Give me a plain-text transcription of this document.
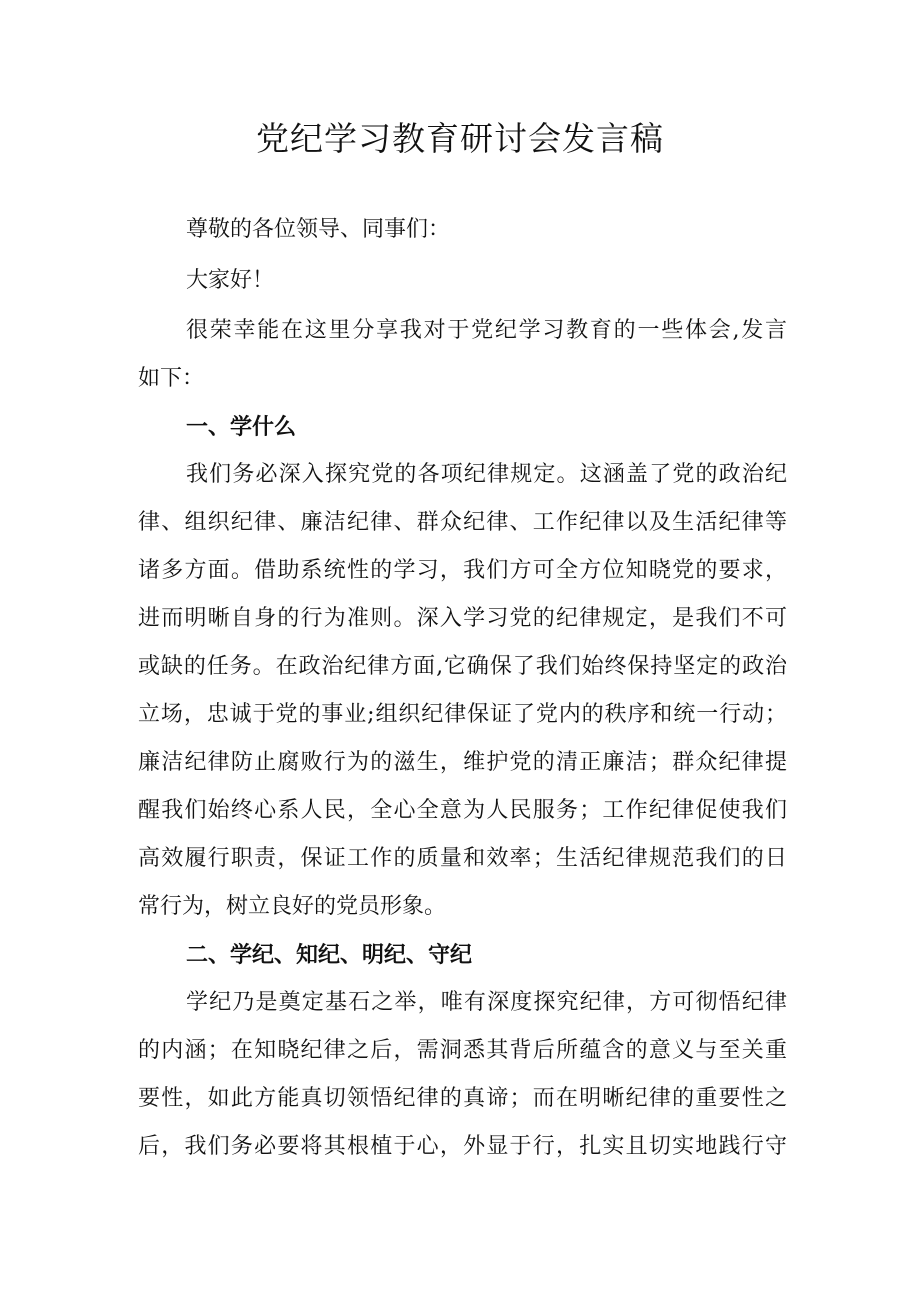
党纪学习教育研讨会发言稿

尊敬的各位领导、同事们：

大家好！

很荣幸能在这里分享我对于党纪学习教育的一些体会,发言

如下：

一、学什么

我们务必深入探究党的各项纪律规定。这涵盖了党的政治纪

律、组织纪律、廉洁纪律、群众纪律、工作纪律以及生活纪律等

诸多方面。借助系统性的学习，我们方可全方位知晓党的要求，

进而明晰自身的行为准则。深入学习党的纪律规定，是我们不可

或缺的任务。在政治纪律方面,它确保了我们始终保持坚定的政治

立场，忠诚于党的事业;组织纪律保证了党内的秩序和统一行动；

廉洁纪律防止腐败行为的滋生，维护党的清正廉洁；群众纪律提

醒我们始终心系人民，全心全意为人民服务；工作纪律促使我们

高效履行职责，保证工作的质量和效率；生活纪律规范我们的日

常行为，树立良好的党员形象。

二、学纪、知纪、明纪、守纪

学纪乃是奠定基石之举，唯有深度探究纪律，方可彻悟纪律

的内涵；在知晓纪律之后，需洞悉其背后所蕴含的意义与至关重

要性，如此方能真切领悟纪律的真谛；而在明晰纪律的重要性之

后，我们务必要将其根植于心，外显于行，扎实且切实地践行守
